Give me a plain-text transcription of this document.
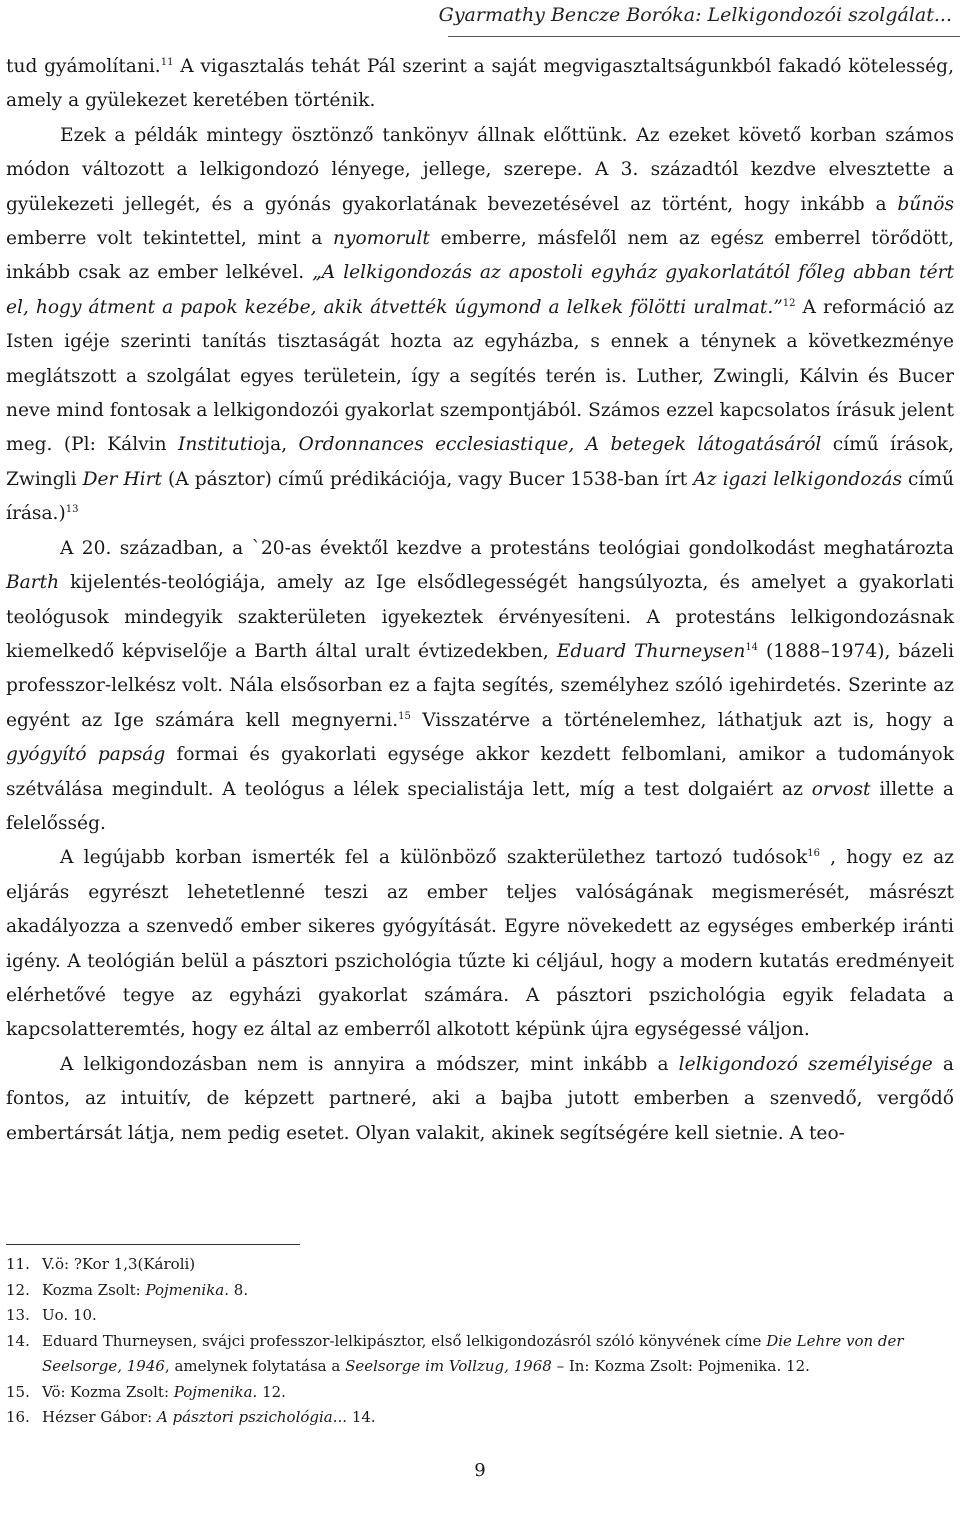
Gyarmathy Bencze Boróka: Lelkigondozói szolgálat...

tud gyámolítani.$^{11}$ A vigasztalás tehát Pál szerint a saját megvigasztaltságunkból fakadó kötelesség, amely a gyülekezet keretében történik.

Ezek a példák mintegy ösztönző tankönyv állnak előttünk. Az ezeket követő korban számos módon változott a lelkigondozó lényege, jellege, szerepe. A 3. századtól kezdve elvesztette a gyülekezeti jellegét, és a gyónás gyakorlatának bevezetésével az történt, hogy inkább a bűnös emberre volt tekintettel, mint a nyomorult emberre, másfelől nem az egész emberrel törődött, inkább csak az ember lelkével. „A lelkigondozás az apostoli egyház gyakorlatától főleg abban tért el, hogy átment a papok kezébe, akik átvették úgymond a lelkek fölötti uralmat.”$^{12}$ A reformáció az Isten igéje szerinti tanítás tisztaságát hozta az egyházba, s ennek a ténynek a következménye meglátszott a szolgálat egyes területein, így a segítés terén is. Luther, Zwingli, Kálvin és Bucer neve mind fontosak a lelkigondozói gyakorlat szempontjából. Számos ezzel kapcsolatos írásuk jelent meg. (Pl: Kálvin Institutioja, Ordonnances ecclesiastique, A betegek látogatásáról című írások, Zwingli Der Hirt (A pásztor) című prédikációja, vagy Bucer 1538-ban írt Az igazi lelkigondozás című írása.)$^{13}$

A 20. században, a `20-as évektől kezdve a protestáns teológiai gondolkodást meghatározta Barth kijelentés-teológiája, amely az Ige elsődlegességét hangsúlyozta, és amelyet a gyakorlati teológusok mindegyik szakterületen igyekeztek érvényesíteni. A protestáns lelkigondozásnak kiemelkedő képviselője a Barth által uralt évtizedekben, Eduard Thurneysen$^{14}$ (1888–1974), bázeli professzor-lelkész volt. Nála elsősorban ez a fajta segítés, személyhez szóló igehirdetés. Szerinte az egyént az Ige számára kell megnyerni.$^{15}$ Visszatérve a történelemhez, láthatjuk azt is, hogy a gyógyító papság formai és gyakorlati egysége akkor kezdett felbomlani, amikor a tudományok szétválása megindult. A teológus a lélek specialistája lett, míg a test dolgaiért az orvost illette a felelősség.

A legújabb korban ismerték fel a különböző szakterülethez tartozó tudósok$^{16}$ , hogy ez az eljárás egyrészt lehetetlenné teszi az ember teljes valóságának megismerését, másrészt akadályozza a szenvedő ember sikeres gyógyítását. Egyre növekedett az egységes emberkép iránti igény. A teológián belül a pásztori pszichológia tűzte ki céljául, hogy a modern kutatás eredményeit elérhetővé tegye az egyházi gyakorlat számára. A pásztori pszichológia egyik feladata a kapcsolatteremtés, hogy ez által az emberről alkotott képünk újra egységessé váljon.

A lelkigondozásban nem is annyira a módszer, mint inkább a lelkigondozó személyisége a fontos, az intuitív, de képzett partneré, aki a bajba jutott emberben a szenvedő, vergődő embertársát látja, nem pedig esetet. Olyan valakit, akinek segítségére kell sietnie. A teo-

11. V.ö: ?Kor 1,3(Károli)
12. Kozma Zsolt: Pojmenika. 8.
13. Uo. 10.
14. Eduard Thurneysen, svájci professzor-lelkipásztor, első lelkigondozásról szóló könyvének címe Die Lehre von der Seelsorge, 1946, amelynek folytatása a Seelsorge im Vollzug, 1968 – In: Kozma Zsolt: Pojmenika. 12.
15. Vö: Kozma Zsolt: Pojmenika. 12.
16. Hézser Gábor: A pásztori pszichológia... 14.
9
